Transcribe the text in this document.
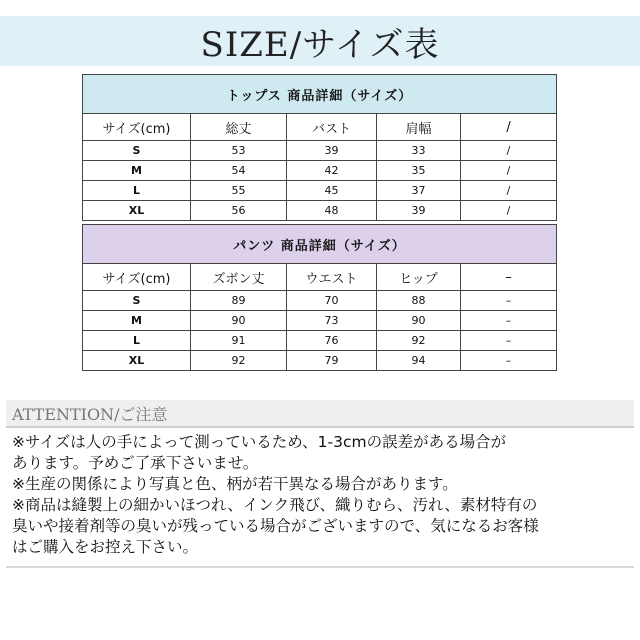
SIZE/サイズ表
トップス 商品詳細（サイズ）				
サイズ(cm)	総丈	バスト	肩幅	/
S	53	39	33	/
M	54	42	35	/
L	55	45	37	/
XL	56	48	39	/
パンツ 商品詳細（サイズ）				
サイズ(cm)	ズボン丈	ウエスト	ヒップ	–
S	89	70	88	–
M	90	73	90	–
L	91	76	92	–
XL	92	79	94	–
ATTENTION/ご注意
※サイズは人の手によって測っているため、1-3cmの誤差がある場合が
あります。予めご了承下さいませ。
※生産の関係により写真と色、柄が若干異なる場合があります。
※商品は縫製上の細かいほつれ、インク飛び、織りむら、汚れ、素材特有の
臭いや接着剤等の臭いが残っている場合がございますので、気になるお客様
はご購入をお控え下さい。
